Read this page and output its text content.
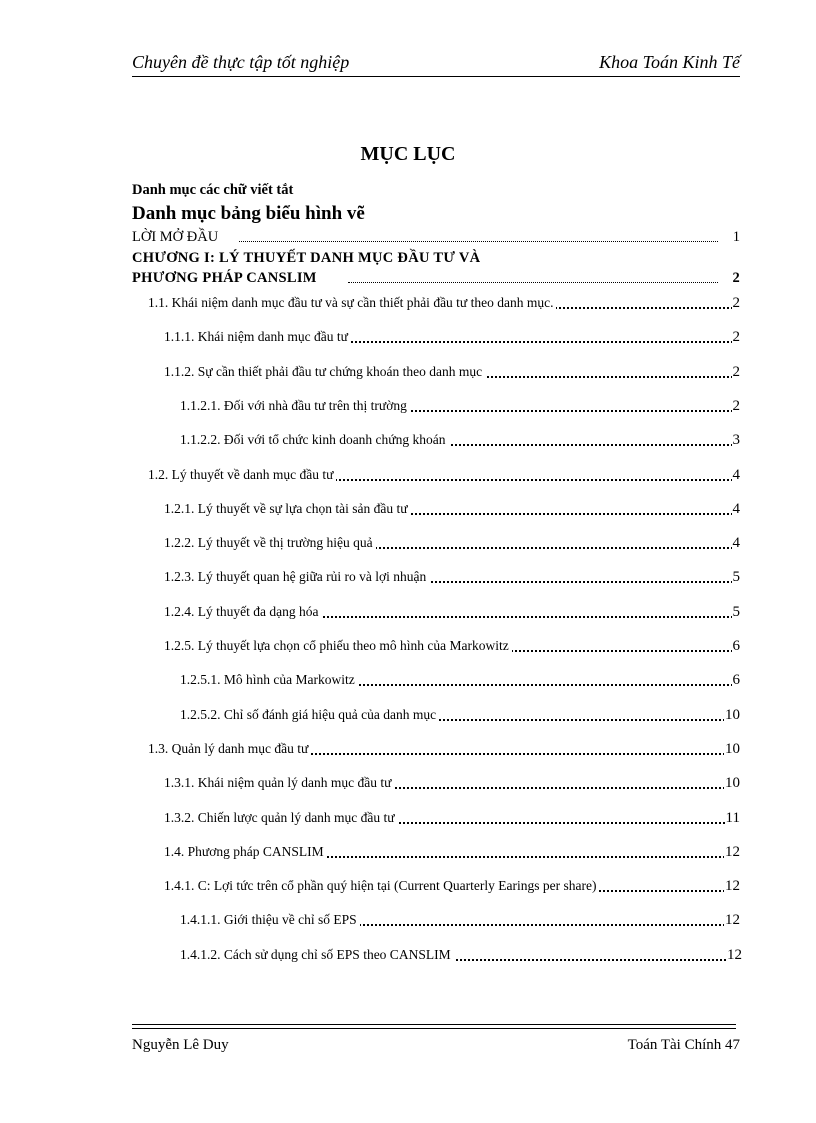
Chuyên đề thực tập tốt nghiệp	Khoa Toán Kinh Tế
MỤC LỤC
Danh mục các chữ viết tắt
Danh mục bảng biểu hình vẽ
LỜI MỞ ĐẦU	1
CHƯƠNG I: LÝ THUYẾT DANH MỤC ĐẦU TƯ VÀ
PHƯƠNG PHÁP CANSLIM	2
1.1. Khái niệm danh mục đầu tư và sự cần thiết phải đầu tư theo danh mục.	2
1.1.1. Khái niệm danh mục đầu tư	2
1.1.2. Sự cần thiết phải đầu tư chứng khoán theo danh mục	2
1.1.2.1. Đối với nhà đầu tư trên thị trường	2
1.1.2.2. Đối với tổ chức kinh doanh chứng khoán	3
1.2. Lý thuyết về danh mục đầu tư	4
1.2.1. Lý thuyết về sự lựa chọn tài sản đầu tư	4
1.2.2. Lý thuyết về thị trường hiệu quả	4
1.2.3. Lý thuyết quan hệ giữa rủi ro và lợi nhuận	5
1.2.4. Lý thuyết đa dạng hóa	5
1.2.5. Lý thuyết lựa chọn cổ phiếu theo mô hình của Markowitz	6
1.2.5.1. Mô hình của Markowitz	6
1.2.5.2. Chỉ số đánh giá hiệu quả của danh mục	10
1.3. Quản lý danh mục đầu tư	10
1.3.1. Khái niệm quản lý danh mục đầu tư	10
1.3.2. Chiến lược quản lý danh mục đầu tư	11
1.4. Phương pháp CANSLIM	12
1.4.1. C: Lợi tức trên cổ phần quý hiện tại (Current Quarterly Earings per share)	12
1.4.1.1. Giới thiệu về chỉ số EPS	12
1.4.1.2. Cách sử dụng chỉ số EPS theo CANSLIM	12
Nguyễn Lê Duy	Toán Tài Chính 47
